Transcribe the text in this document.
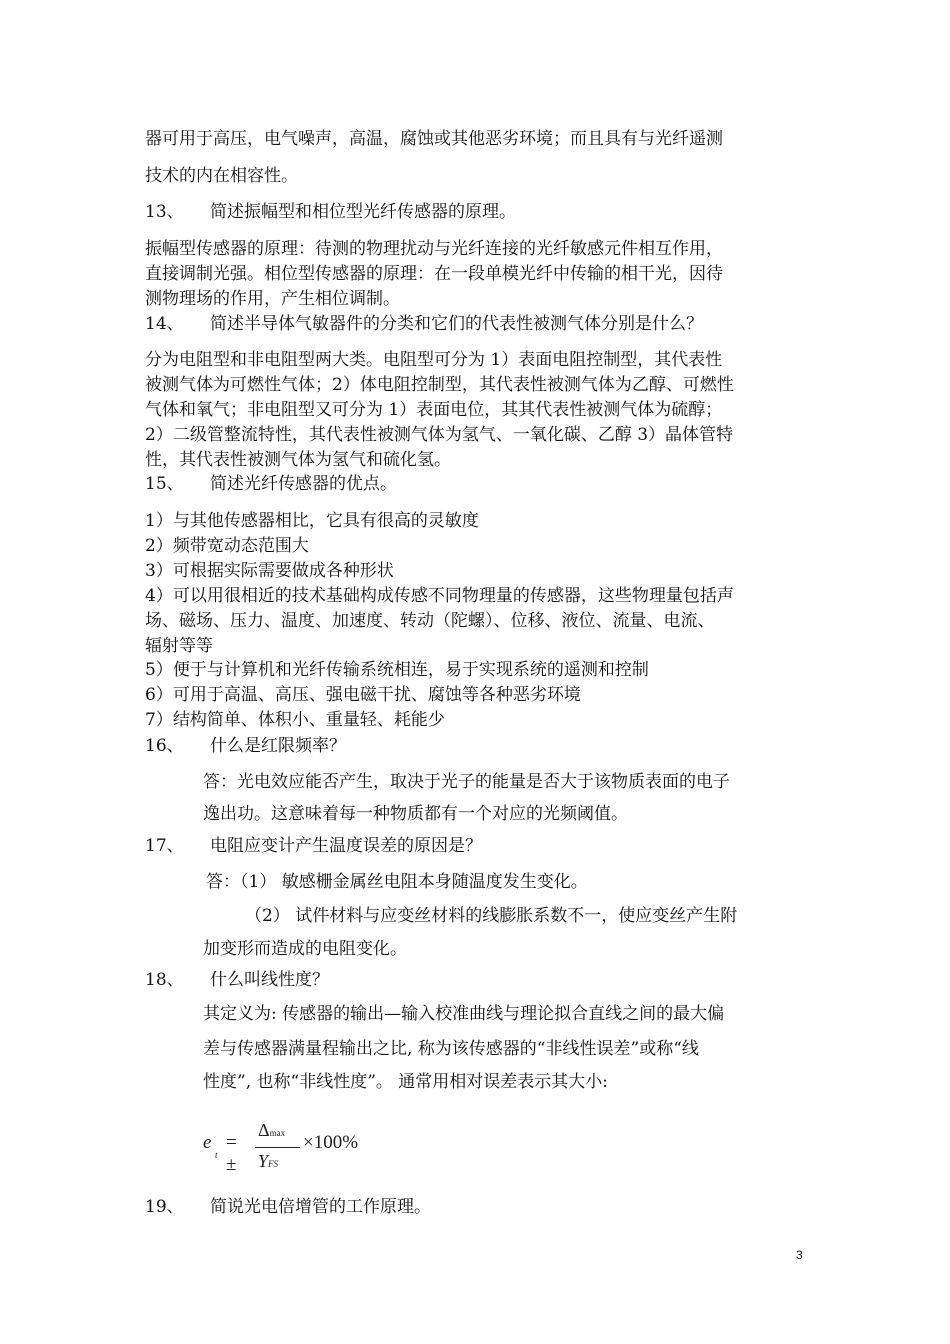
器可用于高压，电气噪声，高温，腐蚀或其他恶劣环境；而且具有与光纤遥测
技术的内在相容性。
13、 简述振幅型和相位型光纤传感器的原理。
振幅型传感器的原理：待测的物理扰动与光纤连接的光纤敏感元件相互作用，
直接调制光强。相位型传感器的原理：在一段单模光纤中传输的相干光，因待
测物理场的作用，产生相位调制。
14、 简述半导体气敏器件的分类和它们的代表性被测气体分别是什么？
分为电阻型和非电阻型两大类。电阻型可分为 1）表面电阻控制型，其代表性
被测气体为可燃性气体；2）体电阻控制型，其代表性被测气体为乙醇、可燃性
气体和氧气；非电阻型又可分为 1）表面电位，其其代表性被测气体为硫醇；
2）二级管整流特性，其代表性被测气体为氢气、一氧化碳、乙醇 3）晶体管特
性，其代表性被测气体为氢气和硫化氢。
15、 简述光纤传感器的优点。
1）与其他传感器相比，它具有很高的灵敏度
2）频带宽动态范围大
3）可根据实际需要做成各种形状
4）可以用很相近的技术基础构成传感不同物理量的传感器，这些物理量包括声
场、磁场、压力、温度、加速度、转动（陀螺）、位移、液位、流量、电流、
辐射等等
5）便于与计算机和光纤传输系统相连，易于实现系统的遥测和控制
6）可用于高温、高压、强电磁干扰、腐蚀等各种恶劣环境
7）结构简单、体积小、重量轻、耗能少
16、 什么是红限频率？
答：光电效应能否产生，取决于光子的能量是否大于该物质表面的电子
逸出功。这意味着每一种物质都有一个对应的光频阈值。
17、 电阻应变计产生温度误差的原因是？
答：（1） 敏感栅金属丝电阻本身随温度发生变化。
（2） 试件材料与应变丝材料的线膨胀系数不一，使应变丝产生附
加变形而造成的电阻变化。
18、 什么叫线性度？
其定义为: 传感器的输出—输入校准曲线与理论拟合直线之间的最大偏
差与传感器满量程输出之比, 称为该传感器的“非线性误差”或称“线
性度”, 也称“非线性度”。 通常用相对误差表示其大小:
e
t
= ±
Δmax
YFS
×100%
19、 简说光电倍增管的工作原理。
3
